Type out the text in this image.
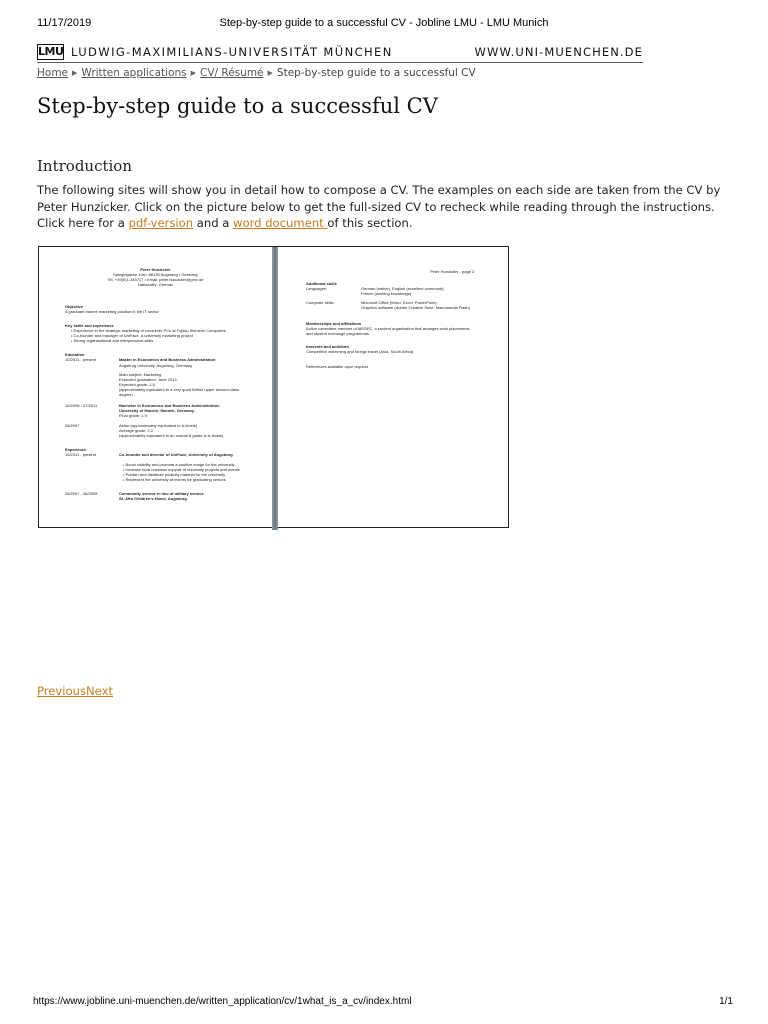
11/17/2019	Step-by-step guide to a successful CV - Jobline LMU - LMU Munich
LMU LUDWIG-MAXIMILIANS-UNIVERSITÄT MÜNCHEN	WWW.UNI-MUENCHEN.DE
Home ▶ Written applications ▶ CV/ Résumé ▶ Step-by-step guide to a successful CV
Step-by-step guide to a successful CV
Introduction

The following sites will show you in detail how to compose a CV. The examples on each side are taken from the CV by Peter Hunzicker. Click on the picture below to get the full-sized CV to recheck while reading through the instructions. Click here for a pdf-version and a word document of this section.

Peter Hunzicker
Spiegelgasse 10a • 86135 Augsburg • Germany
Tel. +49(0)1-345717 • Email: peter.hunzicker@gmx.de
Nationality: German
Objective
A graduate trainee marketing position in the IT sector
Key skills and experience
• Experience in the strategic marketing of consumer PCs at Fujitsu Siemens Computers
• Co-founder and manager of UniFace, a university marketing project
• Strong organisational and interpersonal skills
Education
10/2011 - present	Master in Economics and Business Administration
Augsburg University, Augsburg, Germany
Main subject: Marketing
Expected graduation: June 2013
Expected grade: 1.6
(approximately equivalent to a very good British upper second-class
degree)
10/2008 - 07/2011	Bachelor in Economics and Business Administration
University of Munich, Munich, Germany
Final grade: 1.9
06/2007	Abitur (approximately equivalent to A-levels)
Average grade: 2.2
(approximately equivalent to an overall B grade in A-levels)
Experience
10/2011 - present	Co-founder and director of UniFace, University of Augsburg
• Boost visibility and promote a positive image for the university
• Increase local business support of university projects and events
• Publish and distribute publicity material for the university
• Represent the university at events for graduating seniors
06/2007 - 06/2008	Community service in lieu of military service
St. Afra Children's Home, Augsburg
Peter Hunzicker - page 2
Additional skills
Languages:	German (native), English (excellent command),
French (working knowledge)
Computer skills:	Microsoft Office (Word, Excel, PowerPoint)
Graphics software (Adobe Creative Suite, Macromedia Flash)
Memberships and affiliations
Active committee member of AIESEC, a student organisation that arranges work placements
and student exchange programmes
Interests and activities
Competitive swimming and foreign travel (Asia, South Africa)
References available upon request
PreviousNext
https://www.jobline.uni-muenchen.de/written_application/cv/1what_is_a_cv/index.html	1/1
